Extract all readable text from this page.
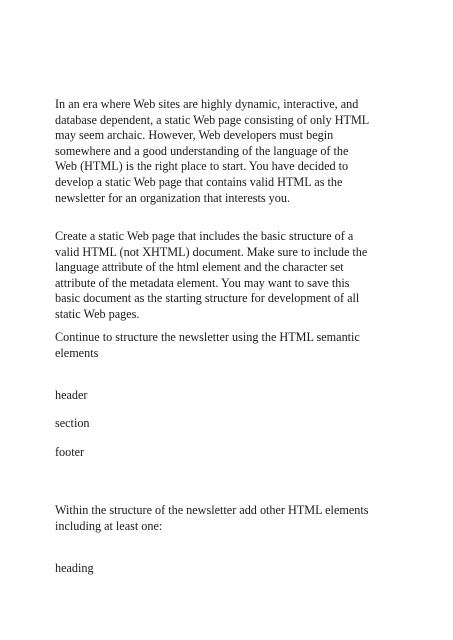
In an era where Web sites are highly dynamic, interactive, and
database dependent, a static Web page consisting of only HTML
may seem archaic. However, Web developers must begin
somewhere and a good understanding of the language of the
Web (HTML) is the right place to start. You have decided to
develop a static Web page that contains valid HTML as the
newsletter for an organization that interests you.

Create a static Web page that includes the basic structure of a
valid HTML (not XHTML) document. Make sure to include the
language attribute of the html element and the character set
attribute of the metadata element. You may want to save this
basic document as the starting structure for development of all
static Web pages.

Continue to structure the newsletter using the HTML semantic
elements

header

section

footer

Within the structure of the newsletter add other HTML elements
including at least one:

heading
